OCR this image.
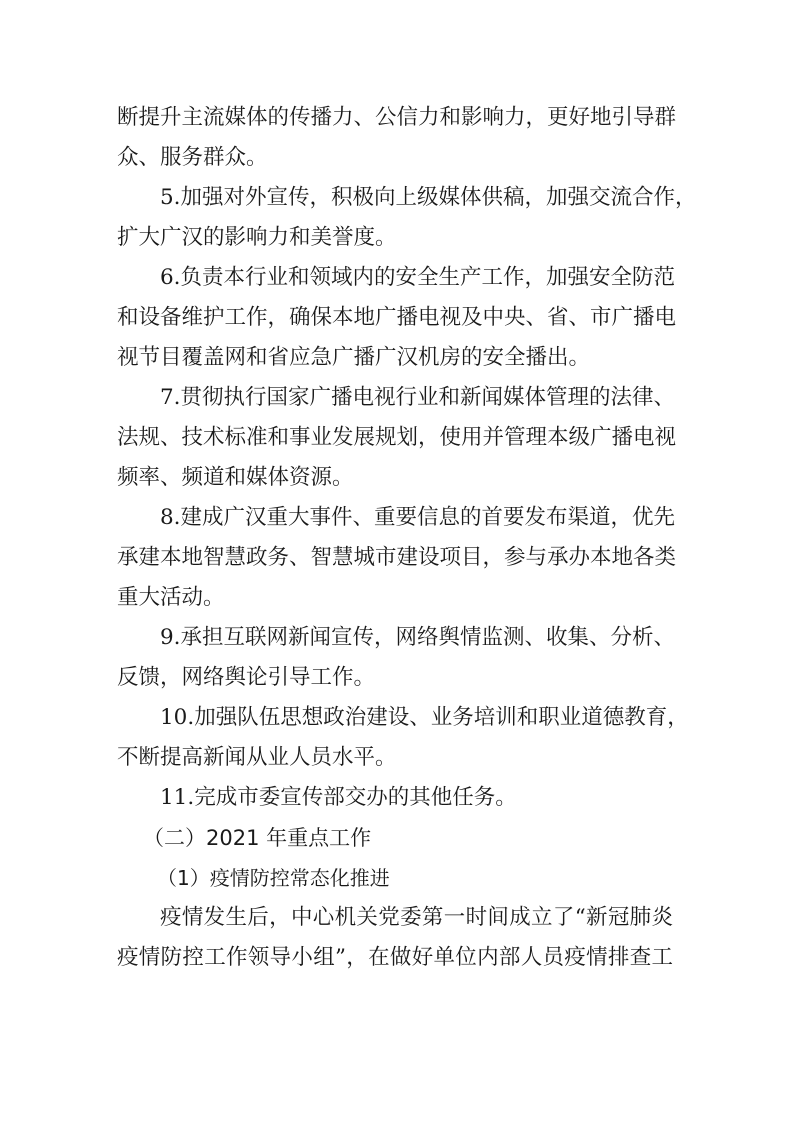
断提升主流媒体的传播力、公信力和影响力，更好地引导群
众、服务群众。
5.加强对外宣传，积极向上级媒体供稿，加强交流合作，
扩大广汉的影响力和美誉度。
6.负责本行业和领域内的安全生产工作，加强安全防范
和设备维护工作，确保本地广播电视及中央、省、市广播电
视节目覆盖网和省应急广播广汉机房的安全播出。
7.贯彻执行国家广播电视行业和新闻媒体管理的法律、
法规、技术标准和事业发展规划，使用并管理本级广播电视
频率、频道和媒体资源。
8.建成广汉重大事件、重要信息的首要发布渠道，优先
承建本地智慧政务、智慧城市建设项目，参与承办本地各类
重大活动。
9.承担互联网新闻宣传，网络舆情监测、收集、分析、
反馈，网络舆论引导工作。
10.加强队伍思想政治建设、业务培训和职业道德教育，
不断提高新闻从业人员水平。
11.完成市委宣传部交办的其他任务。
（二）2021 年重点工作
（1）疫情防控常态化推进
疫情发生后，中心机关党委第一时间成立了“新冠肺炎
疫情防控工作领导小组”，在做好单位内部人员疫情排查工
